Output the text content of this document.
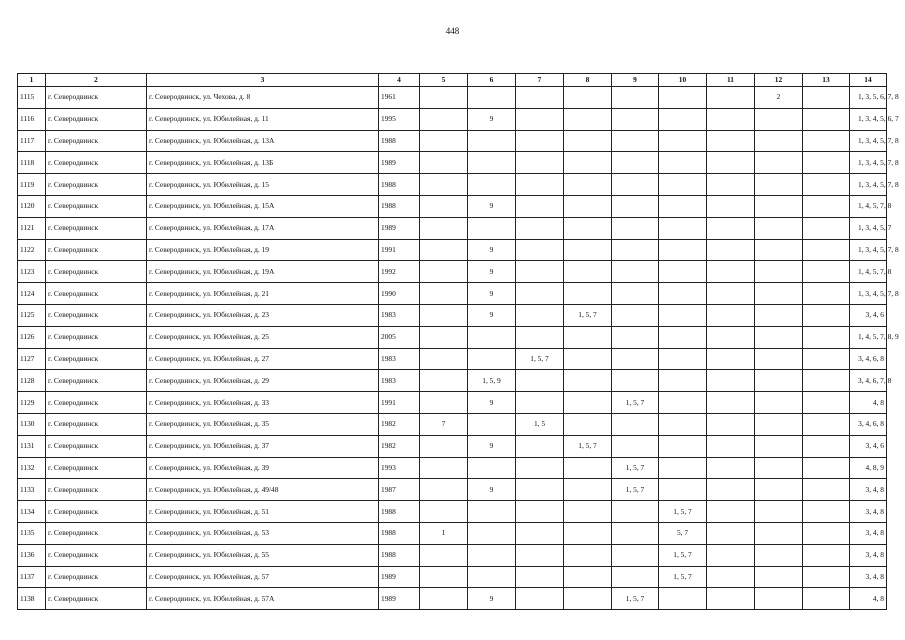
448
1	2	3	4	5	6	7	8	9	10	11	12	13	14
1115	г. Северодвинск	г. Северодвинск, ул. Чехова, д. 8	1961								2		1, 3, 5, 6, 7, 8
1116	г. Северодвинск	г. Северодвинск, ул. Юбилейная, д. 11	1995		9								1, 3, 4, 5, 6, 7
1117	г. Северодвинск	г. Северодвинск, ул. Юбилейная, д. 13А	1988										1, 3, 4, 5, 7, 8
1118	г. Северодвинск	г. Северодвинск, ул. Юбилейная, д. 13Б	1989										1, 3, 4, 5, 7, 8
1119	г. Северодвинск	г. Северодвинск, ул. Юбилейная, д. 15	1988										1, 3, 4, 5, 7, 8
1120	г. Северодвинск	г. Северодвинск, ул. Юбилейная, д. 15А	1988		9								1, 4, 5, 7, 8
1121	г. Северодвинск	г. Северодвинск, ул. Юбилейная, д. 17А	1989										1, 3, 4, 5, 7
1122	г. Северодвинск	г. Северодвинск, ул. Юбилейная, д. 19	1991		9								1, 3, 4, 5, 7, 8
1123	г. Северодвинск	г. Северодвинск, ул. Юбилейная, д. 19А	1992		9								1, 4, 5, 7, 8
1124	г. Северодвинск	г. Северодвинск, ул. Юбилейная, д. 21	1990		9								1, 3, 4, 5, 7, 8
1125	г. Северодвинск	г. Северодвинск, ул. Юбилейная, д. 23	1983		9		1, 5, 7						3, 4, 6
1126	г. Северодвинск	г. Северодвинск, ул. Юбилейная, д. 25	2005										1, 4, 5, 7, 8, 9
1127	г. Северодвинск	г. Северодвинск, ул. Юбилейная, д. 27	1983			1, 5, 7							3, 4, 6, 8
1128	г. Северодвинск	г. Северодвинск, ул. Юбилейная, д. 29	1983		1, 5, 9								3, 4, 6, 7, 8
1129	г. Северодвинск	г. Северодвинск, ул. Юбилейная, д. 33	1991		9			1, 5, 7					4, 8
1130	г. Северодвинск	г. Северодвинск, ул. Юбилейная, д. 35	1982	7		1, 5							3, 4, 6, 8
1131	г. Северодвинск	г. Северодвинск, ул. Юбилейная, д. 37	1982		9		1, 5, 7						3, 4, 6
1132	г. Северодвинск	г. Северодвинск, ул. Юбилейная, д. 39	1993					1, 5, 7					4, 8, 9
1133	г. Северодвинск	г. Северодвинск, ул. Юбилейная, д. 49/48	1987		9			1, 5, 7					3, 4, 8
1134	г. Северодвинск	г. Северодвинск, ул. Юбилейная, д. 51	1988						1, 5, 7				3, 4, 8
1135	г. Северодвинск	г. Северодвинск, ул. Юбилейная, д. 53	1988	1					5, 7				3, 4, 8
1136	г. Северодвинск	г. Северодвинск, ул. Юбилейная, д. 55	1988						1, 5, 7				3, 4, 8
1137	г. Северодвинск	г. Северодвинск, ул. Юбилейная, д. 57	1989						1, 5, 7				3, 4, 8
1138	г. Северодвинск	г. Северодвинск, ул. Юбилейная, д. 57А	1989		9			1, 5, 7					4, 8
